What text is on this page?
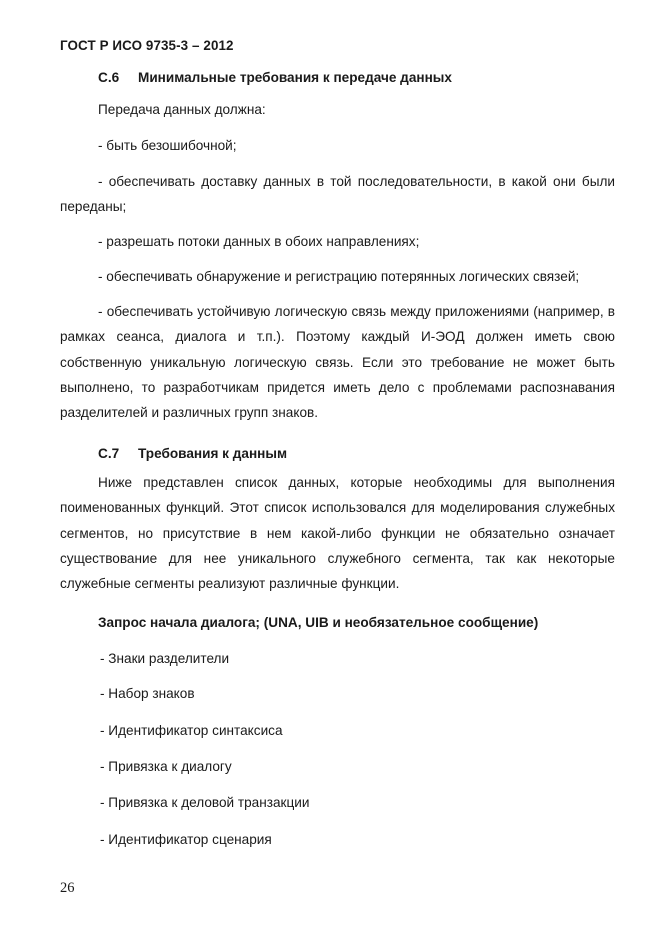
ГОСТ Р ИСО 9735-3 – 2012
С.6 Минимальные требования к передаче данных
Передача данных должна:
- быть безошибочной;
- обеспечивать доставку данных в той последовательности, в какой они были переданы;
- разрешать потоки данных в обоих направлениях;
- обеспечивать обнаружение и регистрацию потерянных логических связей;
- обеспечивать устойчивую логическую связь между приложениями (например, в рамках сеанса, диалога и т.п.). Поэтому каждый И-ЭОД должен иметь свою собственную уникальную логическую связь. Если это требование не может быть выполнено, то разработчикам придется иметь дело с проблемами распознавания разделителей и различных групп знаков.
С.7 Требования к данным
Ниже представлен список данных, которые необходимы для выполнения поименованных функций. Этот список использовался для моделирования служебных сегментов, но присутствие в нем какой-либо функции не обязательно означает существование для нее уникального служебного сегмента, так как некоторые служебные сегменты реализуют различные функции.
Запрос начала диалога; (UNA, UIB и необязательное сообщение)
- Знаки разделители
- Набор знаков
- Идентификатор синтаксиса
- Привязка к диалогу
- Привязка к деловой транзакции
- Идентификатор сценария
26
